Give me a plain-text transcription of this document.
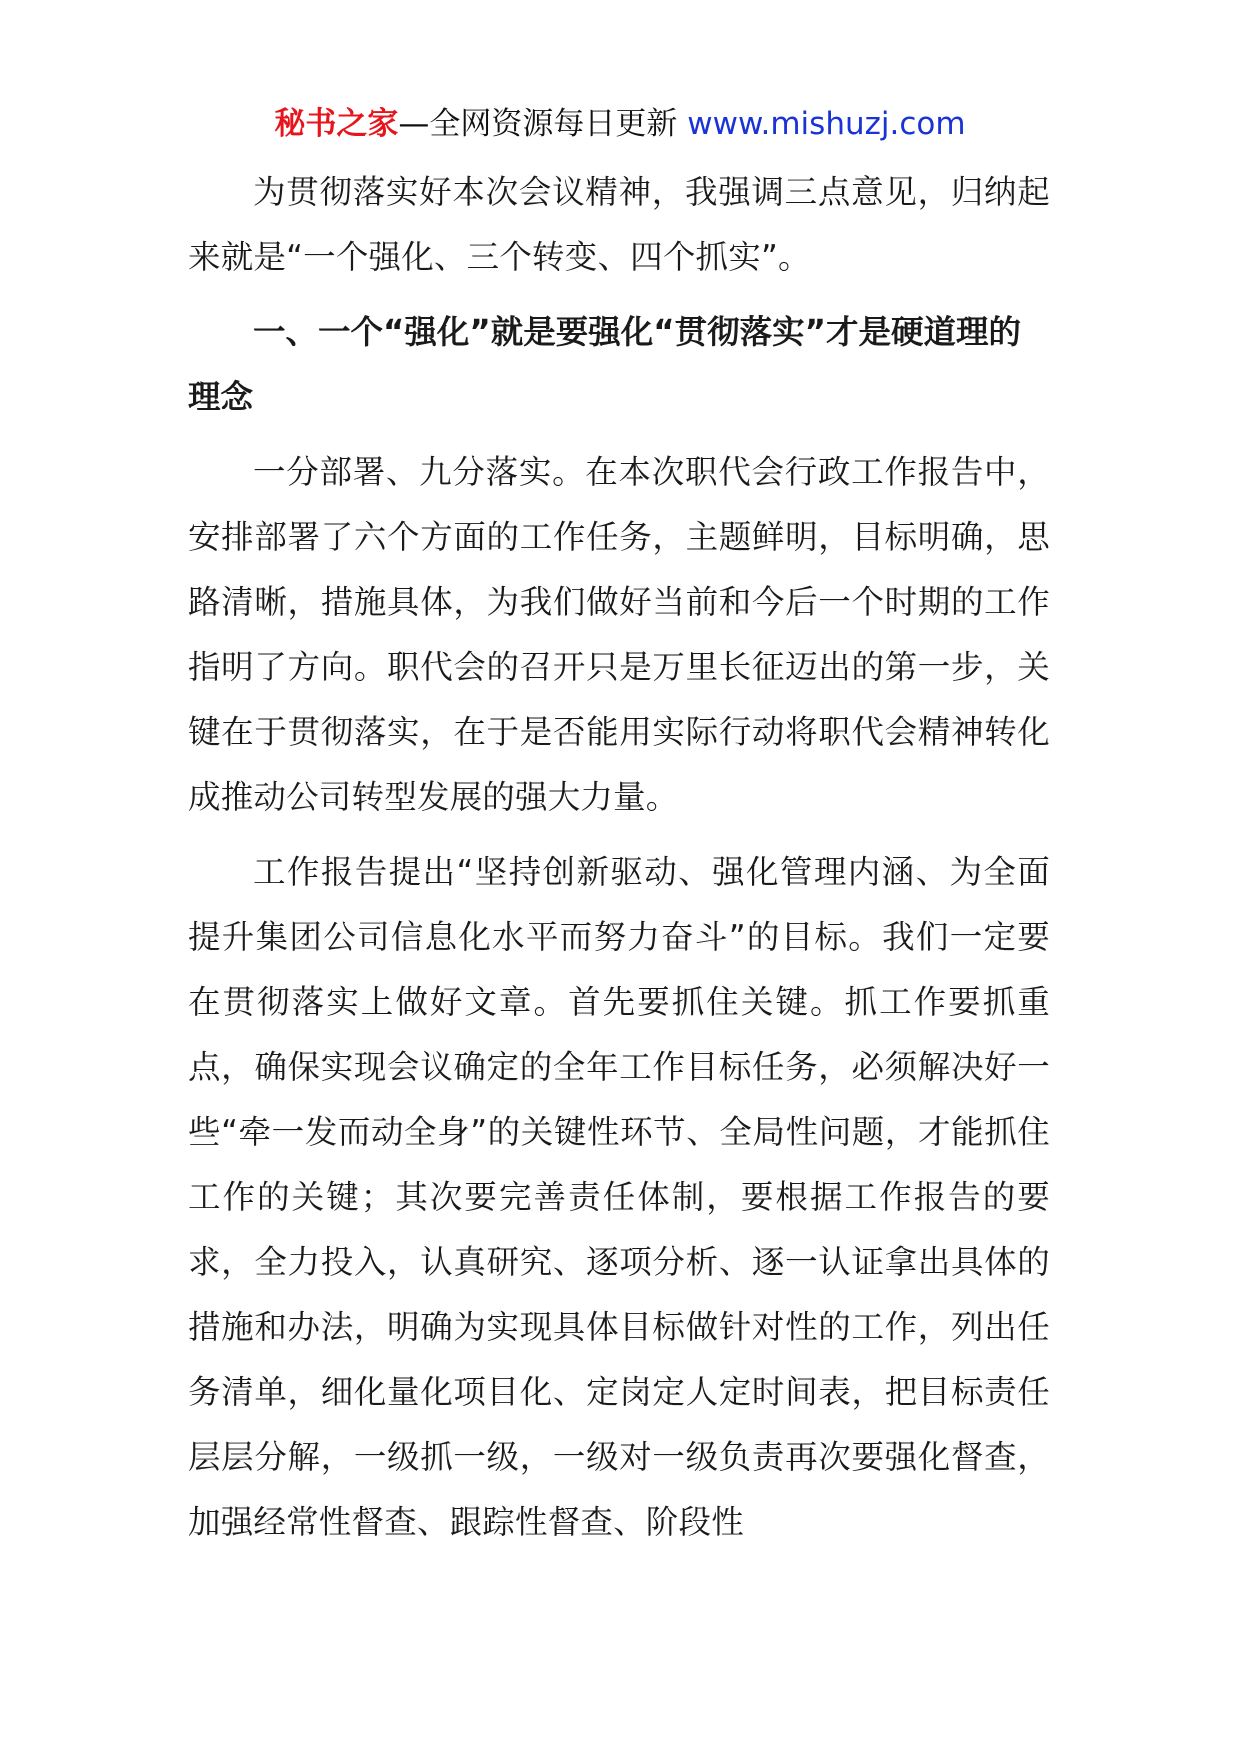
秘书之家—全网资源每日更新 www.mishuzj.com

为贯彻落实好本次会议精神，我强调三点意见，归纳起来就是“一个强化、三个转变、四个抓实”。

一、一个“强化”就是要强化“贯彻落实”才是硬道理的理念

一分部署、九分落实。在本次职代会行政工作报告中，安排部署了六个方面的工作任务，主题鲜明，目标明确，思路清晰，措施具体，为我们做好当前和今后一个时期的工作指明了方向。职代会的召开只是万里长征迈出的第一步，关键在于贯彻落实，在于是否能用实际行动将职代会精神转化成推动公司转型发展的强大力量。

工作报告提出“坚持创新驱动、强化管理内涵、为全面提升集团公司信息化水平而努力奋斗”的目标。我们一定要在贯彻落实上做好文章。首先要抓住关键。抓工作要抓重点，确保实现会议确定的全年工作目标任务，必须解决好一些“牵一发而动全身”的关键性环节、全局性问题，才能抓住工作的关键；其次要完善责任体制，要根据工作报告的要求，全力投入，认真研究、逐项分析、逐一认证拿出具体的措施和办法，明确为实现具体目标做针对性的工作，列出任务清单，细化量化项目化、定岗定人定时间表，把目标责任层层分解，一级抓一级，一级对一级负责再次要强化督查，加强经常性督查、跟踪性督查、阶段性
